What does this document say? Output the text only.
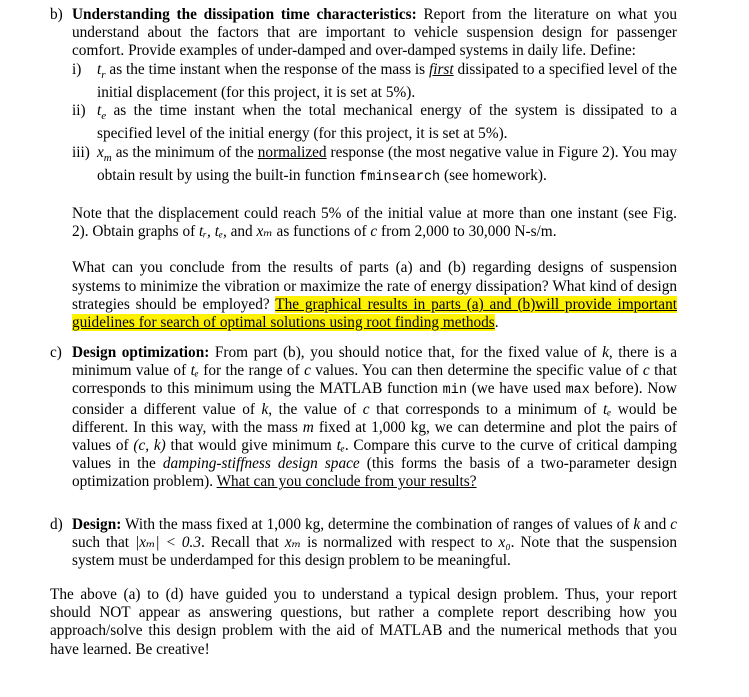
b) Understanding the dissipation time characteristics: Report from the literature on what you understand about the factors that are important to vehicle suspension design for passenger comfort. Provide examples of under-damped and over-damped systems in daily life. Define:
i) $t_r$ as the time instant when the response of the mass is first dissipated to a specified level of the initial displacement (for this project, it is set at 5%).
ii) $t_e$ as the time instant when the total mechanical energy of the system is dissipated to a specified level of the initial energy (for this project, it is set at 5%).
iii) $x_m$ as the minimum of the normalized response (the most negative value in Figure 2). You may obtain result by using the built-in function fminsearch (see homework).
Note that the displacement could reach 5% of the initial value at more than one instant (see Fig. 2). Obtain graphs of tᵣ, tₑ, and xₘ as functions of c from 2,000 to 30,000 N-s/m.
What can you conclude from the results of parts (a) and (b) regarding designs of suspension systems to minimize the vibration or maximize the rate of energy dissipation? What kind of design strategies should be employed? The graphical results in parts (a) and (b)will provide important guidelines for search of optimal solutions using root finding methods.
c) Design optimization: From part (b), you should notice that, for the fixed value of k, there is a minimum value of tₑ for the range of c values. You can then determine the specific value of c that corresponds to this minimum using the MATLAB function min (we have used max before). Now consider a different value of k, the value of c that corresponds to a minimum of tₑ would be different. In this way, with the mass m fixed at 1,000 kg, we can determine and plot the pairs of values of (c, k) that would give minimum tₑ. Compare this curve to the curve of critical damping values in the damping-stiffness design space (this forms the basis of a two-parameter design optimization problem). What can you conclude from your results?
d) Design: With the mass fixed at 1,000 kg, determine the combination of ranges of values of k and c such that |xₘ| < 0.3. Recall that xₘ is normalized with respect to x₀. Note that the suspension system must be underdamped for this design problem to be meaningful.
The above (a) to (d) have guided you to understand a typical design problem. Thus, your report should NOT appear as answering questions, but rather a complete report describing how you approach/solve this design problem with the aid of MATLAB and the numerical methods that you have learned. Be creative!
